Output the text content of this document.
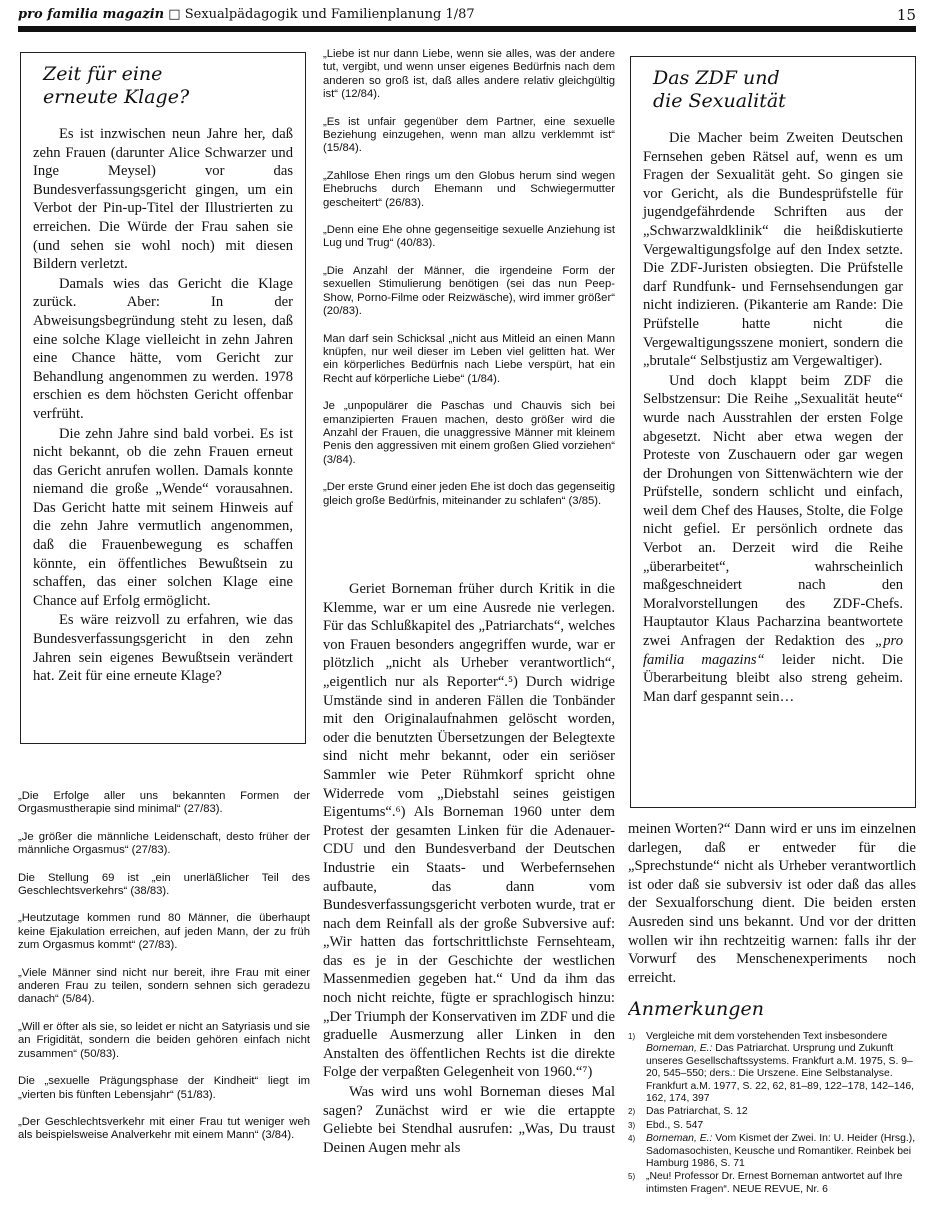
pro familia magazin □ Sexualpädagogik und Familienplanung 1/87	15
Zeit für eine
erneute Klage?

Es ist inzwischen neun Jahre her, daß zehn Frauen (darunter Alice Schwarzer und Inge Meysel) vor das Bundesverfassungsgericht gingen, um ein Verbot der Pin-up-Titel der Illustrierten zu erreichen. Die Würde der Frau sahen sie (und sehen sie wohl noch) mit diesen Bildern verletzt.

Damals wies das Gericht die Klage zurück. Aber: In der Abweisungsbegründung steht zu lesen, daß eine solche Klage vielleicht in zehn Jahren eine Chance hätte, vom Gericht zur Behandlung angenommen zu werden. 1978 erschien es dem höchsten Gericht offenbar verfrüht.

Die zehn Jahre sind bald vorbei. Es ist nicht bekannt, ob die zehn Frauen erneut das Gericht anrufen wollen. Damals konnte niemand die große „Wende“ vorausahnen. Das Gericht hatte mit seinem Hinweis auf die zehn Jahre vermutlich angenommen, daß die Frauenbewegung es schaffen könnte, ein öffentliches Bewußtsein zu schaffen, das einer solchen Klage eine Chance auf Erfolg ermöglicht.

Es wäre reizvoll zu erfahren, wie das Bundesverfassungsgericht in den zehn Jahren sein eigenes Bewußtsein verändert hat. Zeit für eine erneute Klage?

„Die Erfolge aller uns bekannten Formen der Orgasmustherapie sind minimal“ (27/83).

„Je größer die männliche Leidenschaft, desto früher der männliche Orgasmus“ (27/83).

Die Stellung 69 ist „ein unerläßlicher Teil des Geschlechtsverkehrs“ (38/83).

„Heutzutage kommen rund 80 Männer, die überhaupt keine Ejakulation erreichen, auf jeden Mann, der zu früh zum Orgasmus kommt“ (27/83).

„Viele Männer sind nicht nur bereit, ihre Frau mit einer anderen Frau zu teilen, sondern sehnen sich geradezu danach“ (5/84).

„Will er öfter als sie, so leidet er nicht an Satyriasis und sie an Frigidität, sondern die beiden gehören einfach nicht zusammen“ (50/83).

Die „sexuelle Prägungsphase der Kindheit“ liegt im „vierten bis fünften Lebensjahr“ (51/83).

„Der Geschlechtsverkehr mit einer Frau tut weniger weh als beispielsweise Analverkehr mit einem Mann“ (3/84).

„Liebe ist nur dann Liebe, wenn sie alles, was der andere tut, vergibt, und wenn unser eigenes Bedürfnis nach dem anderen so groß ist, daß alles andere relativ gleichgültig ist“ (12/84).

„Es ist unfair gegenüber dem Partner, eine sexuelle Beziehung einzugehen, wenn man allzu verklemmt ist“ (15/84).

„Zahllose Ehen rings um den Globus herum sind wegen Ehebruchs durch Ehemann und Schwiegermutter gescheitert“ (26/83).

„Denn eine Ehe ohne gegenseitige sexuelle Anziehung ist Lug und Trug“ (40/83).

„Die Anzahl der Männer, die irgendeine Form der sexuellen Stimulierung benötigen (sei das nun Peep-Show, Porno-Filme oder Reizwäsche), wird immer größer“ (20/83).

Man darf sein Schicksal „nicht aus Mitleid an einen Mann knüpfen, nur weil dieser im Leben viel gelitten hat. Wer ein körperliches Bedürfnis nach Liebe verspürt, hat ein Recht auf körperliche Liebe“ (1/84).

Je „unpopulärer die Paschas und Chauvis sich bei emanzipierten Frauen machen, desto größer wird die Anzahl der Frauen, die unaggressive Männer mit kleinem Penis den aggressiven mit einem großen Glied vorziehen“ (3/84).

„Der erste Grund einer jeden Ehe ist doch das gegenseitig gleich große Bedürfnis, miteinander zu schlafen“ (3/85).

Geriet Borneman früher durch Kritik in die Klemme, war er um eine Ausrede nie verlegen. Für das Schlußkapitel des „Patriarchats“, welches von Frauen besonders angegriffen wurde, war er plötzlich „nicht als Urheber verantwortlich“, „eigentlich nur als Reporter“.⁵) Durch widrige Umstände sind in anderen Fällen die Tonbänder mit den Originalaufnahmen gelöscht worden, oder die benutzten Übersetzungen der Belegtexte sind nicht mehr bekannt, oder ein seriöser Sammler wie Peter Rühmkorf spricht ohne Widerrede vom „Diebstahl seines geistigen Eigentums“.⁶) Als Borneman 1960 unter dem Protest der gesamten Linken für die Adenauer-CDU und den Bundesverband der Deutschen Industrie ein Staats- und Werbefernsehen aufbaute, das dann vom Bundesverfassungsgericht verboten wurde, trat er nach dem Reinfall als der große Subversive auf: „Wir hatten das fortschrittlichste Fernsehteam, das es je in der Geschichte der westlichen Massenmedien gegeben hat.“ Und da ihm das noch nicht reichte, fügte er sprachlogisch hinzu: „Der Triumph der Konservativen im ZDF und die graduelle Ausmerzung aller Linken in den Anstalten des öffentlichen Rechts ist die direkte Folge der verpaßten Gelegenheit von 1960.“⁷)

Was wird uns wohl Borneman dieses Mal sagen? Zunächst wird er wie die ertappte Geliebte bei Stendhal ausrufen: „Was, Du traust Deinen Augen mehr als

Das ZDF und
die Sexualität

Die Macher beim Zweiten Deutschen Fernsehen geben Rätsel auf, wenn es um Fragen der Sexualität geht. So gingen sie vor Gericht, als die Bundesprüfstelle für jugendgefährdende Schriften aus der „Schwarzwaldklinik“ die heißdiskutierte Vergewaltigungsfolge auf den Index setzte. Die ZDF-Juristen obsiegten. Die Prüfstelle darf Rundfunk- und Fernsehsendungen gar nicht indizieren. (Pikanterie am Rande: Die Prüfstelle hatte nicht die Vergewaltigungsszene moniert, sondern die „brutale“ Selbstjustiz am Vergewaltiger).

Und doch klappt beim ZDF die Selbstzensur: Die Reihe „Sexualität heute“ wurde nach Ausstrahlen der ersten Folge abgesetzt. Nicht aber etwa wegen der Proteste von Zuschauern oder gar wegen der Drohungen von Sittenwächtern wie der Prüfstelle, sondern schlicht und einfach, weil dem Chef des Hauses, Stolte, die Folge nicht gefiel. Er persönlich ordnete das Verbot an. Derzeit wird die Reihe „überarbeitet“, wahrscheinlich maßgeschneidert nach den Moralvorstellungen des ZDF-Chefs. Hauptautor Klaus Pacharzina beantwortete zwei Anfragen der Redaktion des „pro familia magazins“ leider nicht. Die Überarbeitung bleibt also streng geheim. Man darf gespannt sein…

meinen Worten?“ Dann wird er uns im einzelnen darlegen, daß er entweder für die „Sprechstunde“ nicht als Urheber verantwortlich ist oder daß sie subversiv ist oder daß das alles der Sexualforschung dient. Die beiden ersten Ausreden sind uns bekannt. Und vor der dritten wollen wir ihn rechtzeitig warnen: falls ihr der Vorwurf des Menschenexperiments noch erreicht.

Anmerkungen
1)	Vergleiche mit dem vorstehenden Text insbesondere Borneman, E.: Das Patriarchat. Ursprung und Zukunft unseres Gesellschaftssystems. Frankfurt a.M. 1975, S. 9–20, 545–550; ders.: Die Urszene. Eine Selbstanalyse. Frankfurt a.M. 1977, S. 22, 62, 81–89, 122–178, 142–146, 162, 174, 397
2)	Das Patriarchat, S. 12
3)	Ebd., S. 547
4)	Borneman, E.: Vom Kismet der Zwei. In: U. Heider (Hrsg.), Sadomasochisten, Keusche und Romantiker. Reinbek bei Hamburg 1986, S. 71
5)	„Neu! Professor Dr. Ernest Borneman antwortet auf Ihre intimsten Fragen“. NEUE REVUE, Nr. 6
